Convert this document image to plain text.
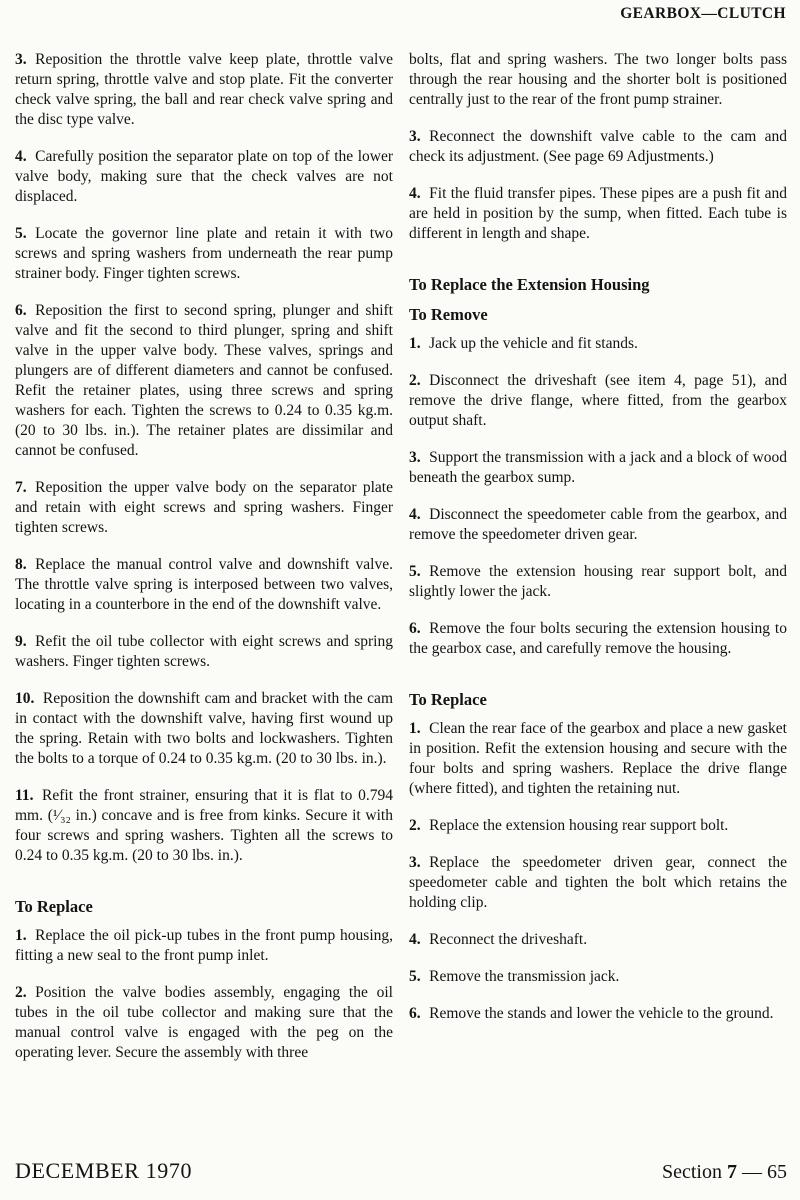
GEARBOX—CLUTCH

3. Reposition the throttle valve keep plate, throttle valve return spring, throttle valve and stop plate. Fit the converter check valve spring, the ball and rear check valve spring and the disc type valve.

4. Carefully position the separator plate on top of the lower valve body, making sure that the check valves are not displaced.

5. Locate the governor line plate and retain it with two screws and spring washers from underneath the rear pump strainer body. Finger tighten screws.

6. Reposition the first to second spring, plunger and shift valve and fit the second to third plunger, spring and shift valve in the upper valve body. These valves, springs and plungers are of different diameters and cannot be confused. Refit the retainer plates, using three screws and spring washers for each. Tighten the screws to 0.24 to 0.35 kg.m. (20 to 30 lbs. in.). The retainer plates are dissimilar and cannot be confused.

7. Reposition the upper valve body on the separator plate and retain with eight screws and spring washers. Finger tighten screws.

8. Replace the manual control valve and downshift valve. The throttle valve spring is interposed between two valves, locating in a counterbore in the end of the downshift valve.

9. Refit the oil tube collector with eight screws and spring washers. Finger tighten screws.

10. Reposition the downshift cam and bracket with the cam in contact with the downshift valve, having first wound up the spring. Retain with two bolts and lockwashers. Tighten the bolts to a torque of 0.24 to 0.35 kg.m. (20 to 30 lbs. in.).

11. Refit the front strainer, ensuring that it is flat to 0.794 mm. (¹⁄₃₂ in.) concave and is free from kinks. Secure it with four screws and spring washers. Tighten all the screws to 0.24 to 0.35 kg.m. (20 to 30 lbs. in.).

To Replace

1. Replace the oil pick-up tubes in the front pump housing, fitting a new seal to the front pump inlet.

2. Position the valve bodies assembly, engaging the oil tubes in the oil tube collector and making sure that the manual control valve is engaged with the peg on the operating lever. Secure the assembly with three

bolts, flat and spring washers. The two longer bolts pass through the rear housing and the shorter bolt is positioned centrally just to the rear of the front pump strainer.

3. Reconnect the downshift valve cable to the cam and check its adjustment. (See page 69 Adjustments.)

4. Fit the fluid transfer pipes. These pipes are a push fit and are held in position by the sump, when fitted. Each tube is different in length and shape.

To Replace the Extension Housing
To Remove

1. Jack up the vehicle and fit stands.

2. Disconnect the driveshaft (see item 4, page 51), and remove the drive flange, where fitted, from the gearbox output shaft.

3. Support the transmission with a jack and a block of wood beneath the gearbox sump.

4. Disconnect the speedometer cable from the gearbox, and remove the speedometer driven gear.

5. Remove the extension housing rear support bolt, and slightly lower the jack.

6. Remove the four bolts securing the extension housing to the gearbox case, and carefully remove the housing.

To Replace

1. Clean the rear face of the gearbox and place a new gasket in position. Refit the extension housing and secure with the four bolts and spring washers. Replace the drive flange (where fitted), and tighten the retaining nut.

2. Replace the extension housing rear support bolt.

3. Replace the speedometer driven gear, connect the speedometer cable and tighten the bolt which retains the holding clip.

4. Reconnect the driveshaft.

5. Remove the transmission jack.

6. Remove the stands and lower the vehicle to the ground.

DECEMBER 1970	Section 7 — 65
